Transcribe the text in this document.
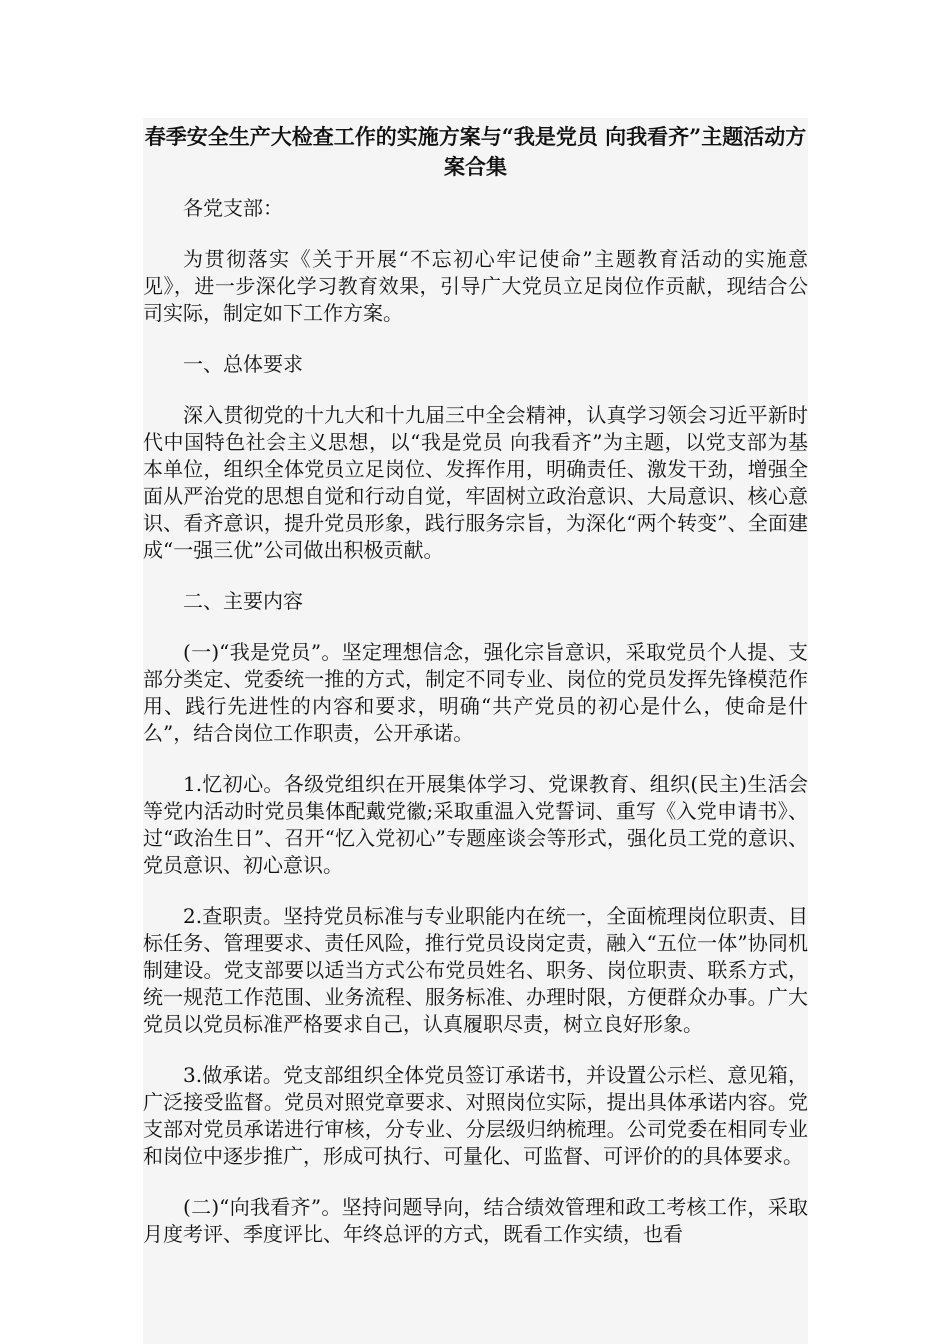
春季安全生产大检查工作的实施方案与“我是党员 向我看齐”主题活动方案合集

各党支部：

为贯彻落实《关于开展“不忘初心牢记使命”主题教育活动的实施意见》，进一步深化学习教育效果，引导广大党员立足岗位作贡献，现结合公司实际，制定如下工作方案。

一、总体要求

深入贯彻党的十九大和十九届三中全会精神，认真学习领会习近平新时代中国特色社会主义思想，以“我是党员 向我看齐”为主题，以党支部为基本单位，组织全体党员立足岗位、发挥作用，明确责任、激发干劲，增强全面从严治党的思想自觉和行动自觉，牢固树立政治意识、大局意识、核心意识、看齐意识，提升党员形象，践行服务宗旨，为深化“两个转变”、全面建成“一强三优”公司做出积极贡献。

二、主要内容

(一)“我是党员”。坚定理想信念，强化宗旨意识，采取党员个人提、支部分类定、党委统一推的方式，制定不同专业、岗位的党员发挥先锋模范作用、践行先进性的内容和要求，明确“共产党员的初心是什么，使命是什么”，结合岗位工作职责，公开承诺。

1.忆初心。各级党组织在开展集体学习、党课教育、组织(民主)生活会等党内活动时党员集体配戴党徽;采取重温入党誓词、重写《入党申请书》、过“政治生日”、召开“忆入党初心”专题座谈会等形式，强化员工党的意识、党员意识、初心意识。

2.查职责。坚持党员标准与专业职能内在统一，全面梳理岗位职责、目标任务、管理要求、责任风险，推行党员设岗定责，融入“五位一体”协同机制建设。党支部要以适当方式公布党员姓名、职务、岗位职责、联系方式，统一规范工作范围、业务流程、服务标准、办理时限，方便群众办事。广大党员以党员标准严格要求自己，认真履职尽责，树立良好形象。

3.做承诺。党支部组织全体党员签订承诺书，并设置公示栏、意见箱，广泛接受监督。党员对照党章要求、对照岗位实际，提出具体承诺内容。党支部对党员承诺进行审核，分专业、分层级归纳梳理。公司党委在相同专业和岗位中逐步推广，形成可执行、可量化、可监督、可评价的的具体要求。

(二)“向我看齐”。坚持问题导向，结合绩效管理和政工考核工作，采取月度考评、季度评比、年终总评的方式，既看工作实绩，也看
